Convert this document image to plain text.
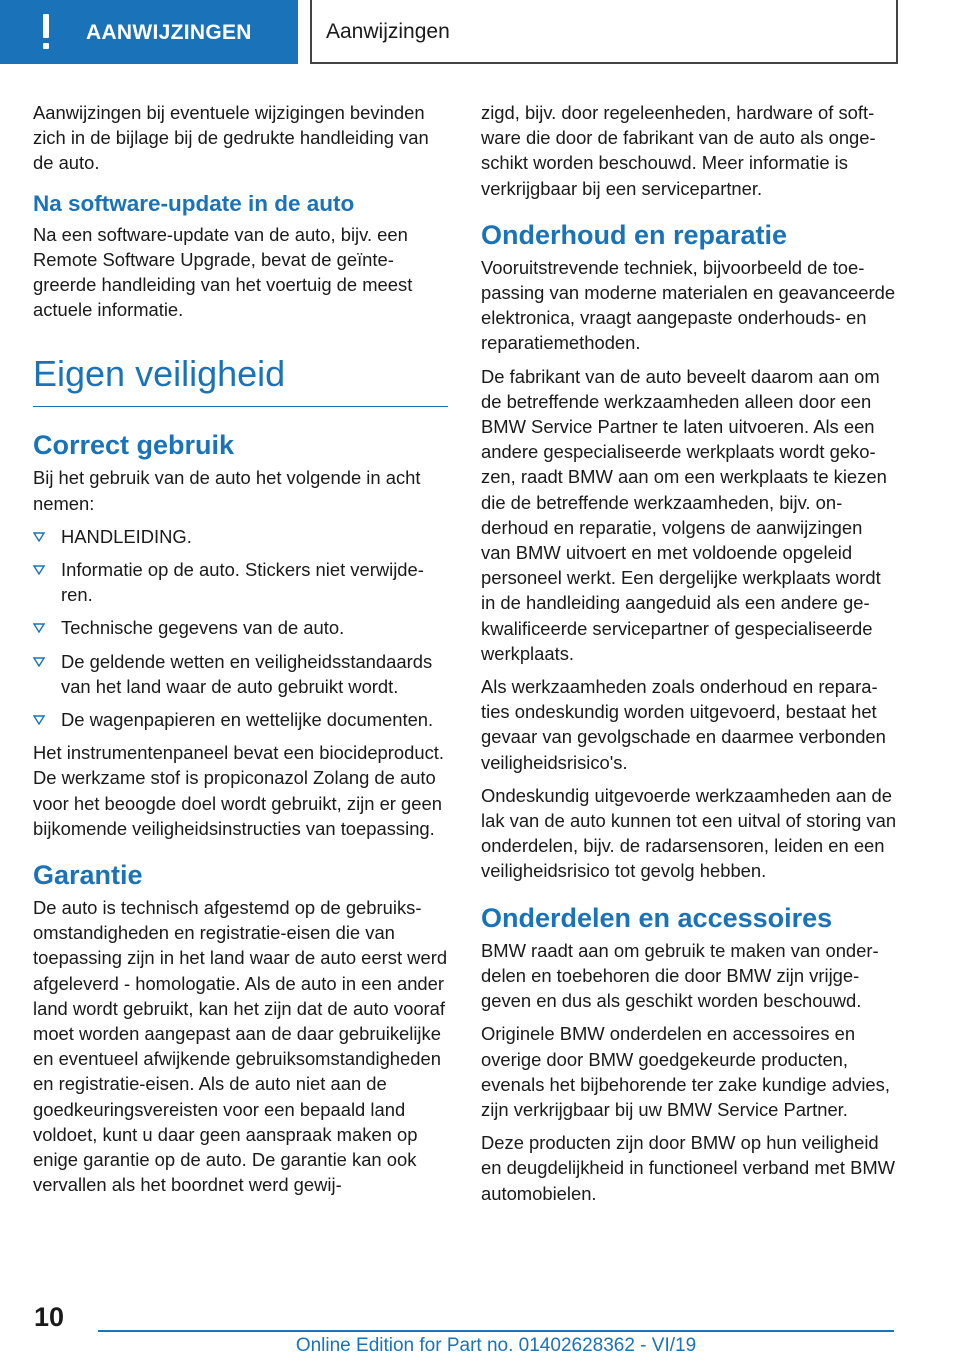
AANWIJZINGEN	Aanwijzingen

Aanwijzingen bij eventuele wijzigingen bevinden zich in de bijlage bij de gedrukte handleiding van de auto.

Na software-update in de auto

Na een software-update van de auto, bijv. een Remote Software Upgrade, bevat de geïntegreerde handleiding van het voertuig de meest actuele informatie.

Eigen veiligheid
Correct gebruik

Bij het gebruik van de auto het volgende in acht nemen:

HANDLEIDING.
Informatie op de auto. Stickers niet verwijderen.
Technische gegevens van de auto.
De geldende wetten en veiligheidsstandaards van het land waar de auto gebruikt wordt.
De wagenpapieren en wettelijke documenten.

Het instrumentenpaneel bevat een biocideproduct. De werkzame stof is propiconazol Zolang de auto voor het beoogde doel wordt gebruikt, zijn er geen bijkomende veiligheidsinstructies van toepassing.

Garantie

De auto is technisch afgestemd op de gebruiksomstandigheden en registratie-eisen die van toepassing zijn in het land waar de auto eerst werd afgeleverd - homologatie. Als de auto in een ander land wordt gebruikt, kan het zijn dat de auto vooraf moet worden aangepast aan de daar gebruikelijke en eventueel afwijkende gebruiksomstandigheden en registratie-eisen. Als de auto niet aan de goedkeuringsvereisten voor een bepaald land voldoet, kunt u daar geen aanspraak maken op enige garantie op de auto. De garantie kan ook vervallen als het boordnet werd gewij-

zigd, bijv. door regeleenheden, hardware of software die door de fabrikant van de auto als ongeschikt worden beschouwd. Meer informatie is verkrijgbaar bij een servicepartner.

Onderhoud en reparatie

Vooruitstrevende techniek, bijvoorbeeld de toepassing van moderne materialen en geavanceerde elektronica, vraagt aangepaste onderhouds- en reparatiemethoden.

De fabrikant van de auto beveelt daarom aan om de betreffende werkzaamheden alleen door een BMW Service Partner te laten uitvoeren. Als een andere gespecialiseerde werkplaats wordt gekozen, raadt BMW aan om een werkplaats te kiezen die de betreffende werkzaamheden, bijv. onderhoud en reparatie, volgens de aanwijzingen van BMW uitvoert en met voldoende opgeleid personeel werkt. Een dergelijke werkplaats wordt in de handleiding aangeduid als een andere gekwalificeerde servicepartner of gespecialiseerde werkplaats.

Als werkzaamheden zoals onderhoud en reparaties ondeskundig worden uitgevoerd, bestaat het gevaar van gevolgschade en daarmee verbonden veiligheidsrisico's.

Ondeskundig uitgevoerde werkzaamheden aan de lak van de auto kunnen tot een uitval of storing van onderdelen, bijv. de radarsensoren, leiden en een veiligheidsrisico tot gevolg hebben.

Onderdelen en accessoires

BMW raadt aan om gebruik te maken van onderdelen en toebehoren die door BMW zijn vrijgegeven en dus als geschikt worden beschouwd.

Originele BMW onderdelen en accessoires en overige door BMW goedgekeurde producten, evenals het bijbehorende ter zake kundige advies, zijn verkrijgbaar bij uw BMW Service Partner.

Deze producten zijn door BMW op hun veiligheid en deugdelijkheid in functioneel verband met BMW automobielen.

10
Online Edition for Part no. 01402628362 - VI/19
